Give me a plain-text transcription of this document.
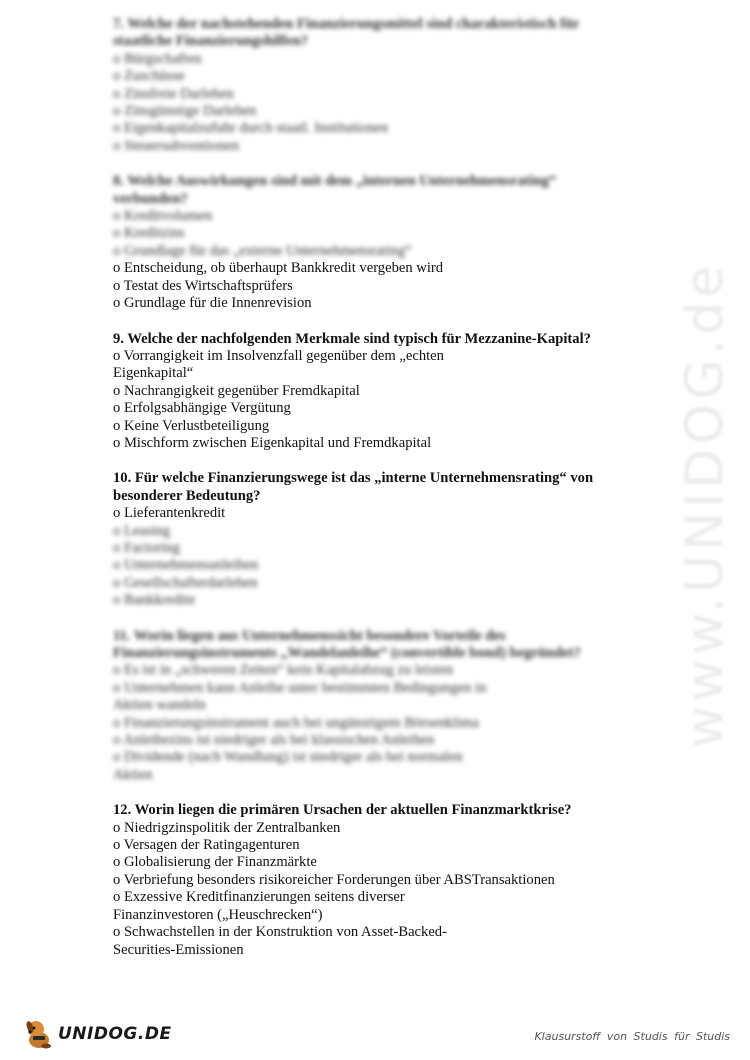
www.UNIDOG.de

7. Welche der nachstehenden Finanzierungsmittel sind charakteristisch für staatliche Finanzierungshilfen?

o Bürgschaften

o Zuschüsse

o Zinsfreie Darlehen

o Zinsgünstige Darlehen

o Eigenkapitalzufuhr durch staatl. Institutionen

o Steuersubventionen

8. Welche Auswirkungen sind mit dem „internen Unternehmensrating“ verbunden?

o Kreditvolumen

o Kreditzins

o Grundlage für das „externe Unternehmensrating“

o Entscheidung, ob überhaupt Bankkredit vergeben wird

o Testat des Wirtschaftsprüfers

o Grundlage für die Innenrevision

9. Welche der nachfolgenden Merkmale sind typisch für Mezzanine-Kapital?

o Vorrangigkeit im Insolvenzfall gegenüber dem „echten
Eigenkapital“

o Nachrangigkeit gegenüber Fremdkapital

o Erfolgsabhängige Vergütung

o Keine Verlustbeteiligung

o Mischform zwischen Eigenkapital und Fremdkapital

10. Für welche Finanzierungswege ist das „interne Unternehmensrating“ von besonderer Bedeutung?

o Lieferantenkredit

o Leasing

o Factoring

o Unternehmensanleihen

o Gesellschafterdarlehen

o Bankkredite

11. Worin liegen aus Unternehmenssicht besondere Vorteile des Finanzierungsinstruments „Wandelanleihe“ (convertible bond) begründet?

o Es ist in „schweren Zeiten“ kein Kapitalabzug zu leisten

o Unternehmen kann Anleihe unter bestimmten Bedingungen in
Aktien wandeln

o Finanzierungsinstrument auch bei ungünstigem Börsenklima

o Anleihezins ist niedriger als bei klassischen Anleihen

o Dividende (nach Wandlung) ist niedriger als bei normalen
Aktien

12. Worin liegen die primären Ursachen der aktuellen Finanzmarktkrise?

o Niedrigzinspolitik der Zentralbanken

o Versagen der Ratingagenturen

o Globalisierung der Finanzmärkte

o Verbriefung besonders risikoreicher Forderungen über ABSTransaktionen

o Exzessive Kreditfinanzierungen seitens diverser
Finanzinvestoren („Heuschrecken“)

o Schwachstellen in der Konstruktion von Asset-Backed-
Securities-Emissionen

UNIDOG.DE	Klausurstoff von Studis für Studis
